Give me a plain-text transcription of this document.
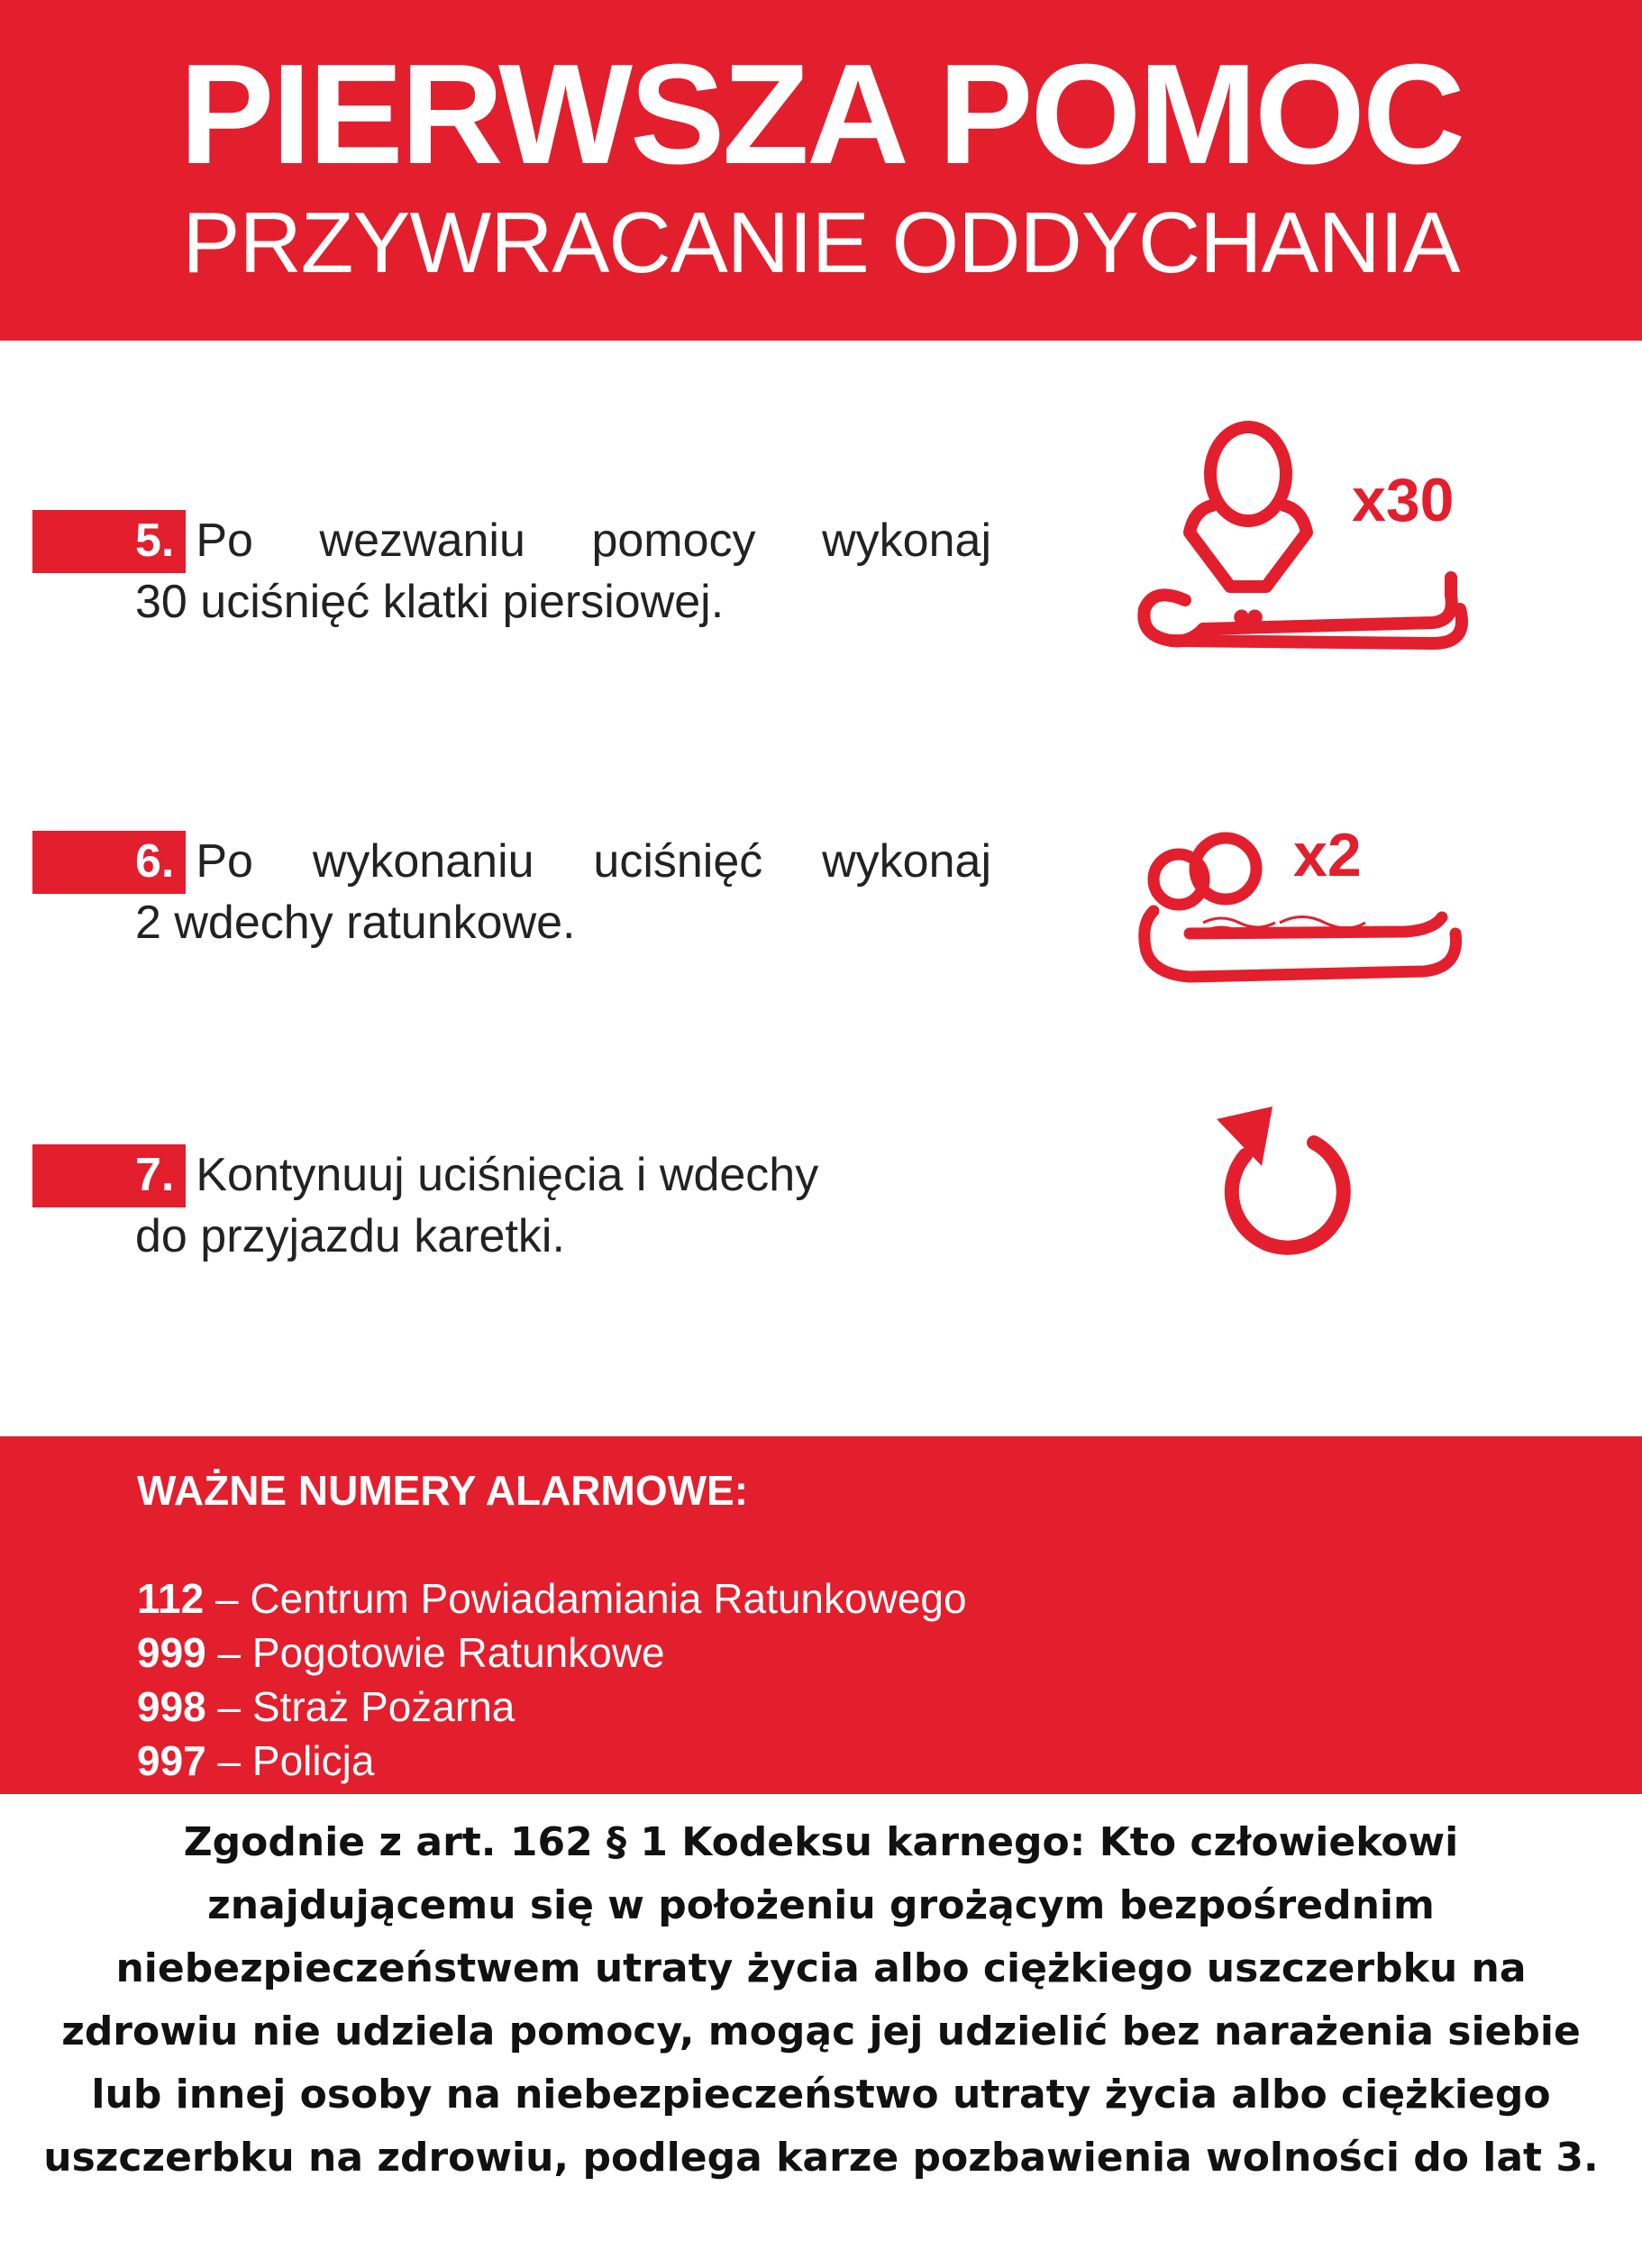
PIERWSZA POMOC
PRZYWRACANIE ODDYCHANIA
5. Po wezwaniu pomocy wykonaj
30 uciśnięć klatki piersiowej.
x30
6. Po wykonaniu uciśnięć wykonaj
2 wdechy ratunkowe.
x2
7. Kontynuuj uciśnięcia i wdechy
do przyjazdu karetki.
WAŻNE NUMERY ALARMOWE:
112 – Centrum Powiadamiania Ratunkowego
999 – Pogotowie Ratunkowe
998 – Straż Pożarna
997 – Policja
Zgodnie z art. 162 § 1 Kodeksu karnego: Kto człowiekowi
znajdującemu się w położeniu grożącym bezpośrednim
niebezpieczeństwem utraty życia albo ciężkiego uszczerbku na
zdrowiu nie udziela pomocy, mogąc jej udzielić bez narażenia siebie
lub innej osoby na niebezpieczeństwo utraty życia albo ciężkiego
uszczerbku na zdrowiu, podlega karze pozbawienia wolności do lat 3.
